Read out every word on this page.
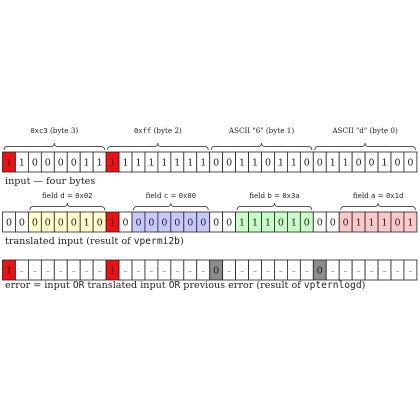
1 1 0 0 0 0 1 1 1 1 1 1 1 1 1 1 0 0 1 1 0 1 1 0 0 1 1 0 0 1 0 0
0xc3 (byte 3)	0xff (byte 2)	ASCII "6" (byte 1)	ASCII "d" (byte 0)
input — four bytes
0 0 0 0 0 0 1 0 1 0 0 0 0 0 0 0 0 0 1 1 1 0 1 0 0 0 0 1 1 1 0 1
field d = 0x02	field c = 0x00	field b = 0x3a	field a = 0x1d
translated input (result of vpermi2b)
1 – – – – – – – 1 – – – – – – – 0 – – – – – – – 0 – – – – – – –
error = input OR translated input OR previous error (result of vpternlogd)
